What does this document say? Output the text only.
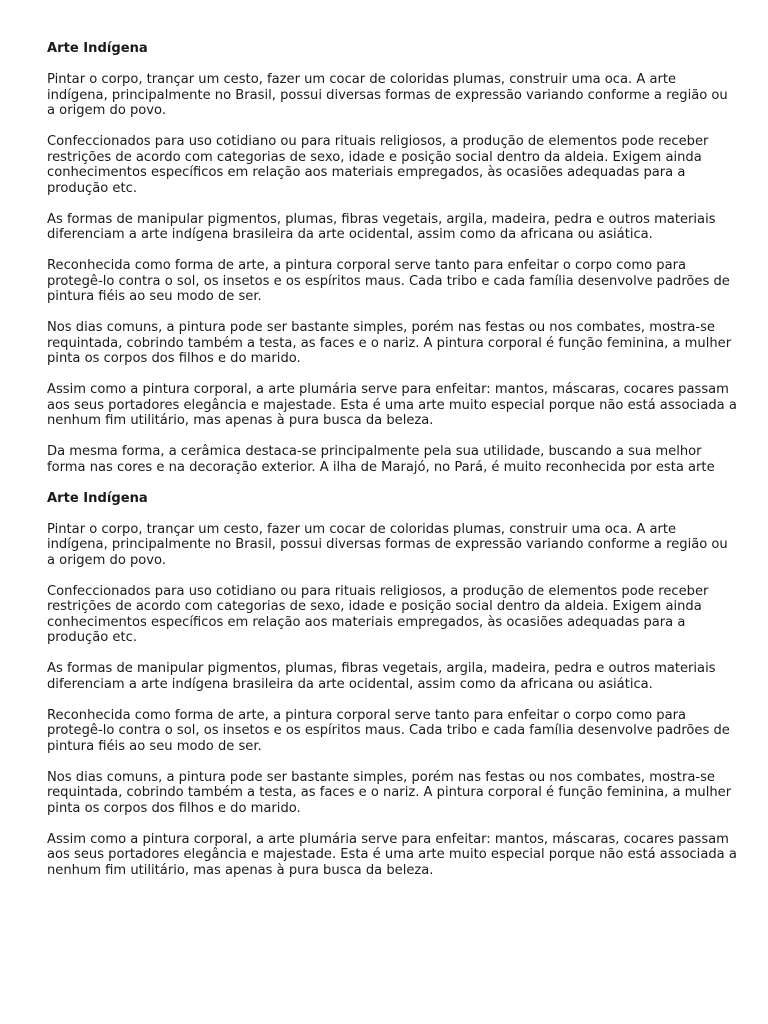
Arte Indígena

Pintar o corpo, trançar um cesto, fazer um cocar de coloridas plumas, construir uma oca. A arte indígena, principalmente no Brasil, possui diversas formas de expressão variando conforme a região ou a origem do povo.

Confeccionados para uso cotidiano ou para rituais religiosos, a produção de elementos pode receber restrições de acordo com categorias de sexo, idade e posição social dentro da aldeia. Exigem ainda conhecimentos específicos em relação aos materiais empregados, às ocasiões adequadas para a produção etc.

As formas de manipular pigmentos, plumas, fibras vegetais, argila, madeira, pedra e outros materiais diferenciam a arte indígena brasileira da arte ocidental, assim como da africana ou asiática.

Reconhecida como forma de arte, a pintura corporal serve tanto para enfeitar o corpo como para protegê-lo contra o sol, os insetos e os espíritos maus. Cada tribo e cada família desenvolve padrões de pintura fiéis ao seu modo de ser.

Nos dias comuns, a pintura pode ser bastante simples, porém nas festas ou nos combates, mostra-se requintada, cobrindo também a testa, as faces e o nariz. A pintura corporal é função feminina, a mulher pinta os corpos dos filhos e do marido.

Assim como a pintura corporal, a arte plumária serve para enfeitar: mantos, máscaras, cocares passam aos seus portadores elegância e majestade. Esta é uma arte muito especial porque não está associada a nenhum fim utilitário, mas apenas à pura busca da beleza.

Da mesma forma, a cerâmica destaca-se principalmente pela sua utilidade, buscando a sua melhor forma nas cores e na decoração exterior. A ilha de Marajó, no Pará, é muito reconhecida por esta arte

Arte Indígena

Pintar o corpo, trançar um cesto, fazer um cocar de coloridas plumas, construir uma oca. A arte indígena, principalmente no Brasil, possui diversas formas de expressão variando conforme a região ou a origem do povo.

Confeccionados para uso cotidiano ou para rituais religiosos, a produção de elementos pode receber restrições de acordo com categorias de sexo, idade e posição social dentro da aldeia. Exigem ainda conhecimentos específicos em relação aos materiais empregados, às ocasiões adequadas para a produção etc.

As formas de manipular pigmentos, plumas, fibras vegetais, argila, madeira, pedra e outros materiais diferenciam a arte indígena brasileira da arte ocidental, assim como da africana ou asiática.

Reconhecida como forma de arte, a pintura corporal serve tanto para enfeitar o corpo como para protegê-lo contra o sol, os insetos e os espíritos maus. Cada tribo e cada família desenvolve padrões de pintura fiéis ao seu modo de ser.

Nos dias comuns, a pintura pode ser bastante simples, porém nas festas ou nos combates, mostra-se requintada, cobrindo também a testa, as faces e o nariz. A pintura corporal é função feminina, a mulher pinta os corpos dos filhos e do marido.

Assim como a pintura corporal, a arte plumária serve para enfeitar: mantos, máscaras, cocares passam aos seus portadores elegância e majestade. Esta é uma arte muito especial porque não está associada a nenhum fim utilitário, mas apenas à pura busca da beleza.
